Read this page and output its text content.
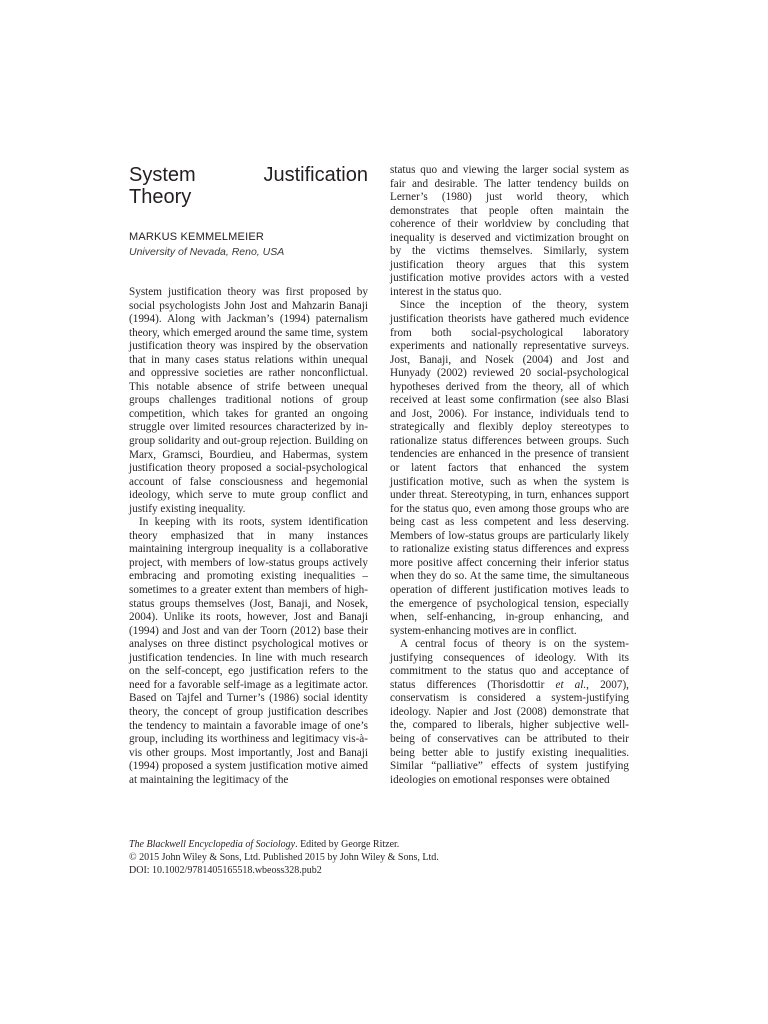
System Justification Theory
MARKUS KEMMELMEIER
University of Nevada, Reno, USA

System justification theory was first proposed by social psychologists John Jost and Mahzarin Banaji (1994). Along with Jackman’s (1994) paternalism theory, which emerged around the same time, system justification theory was inspired by the observation that in many cases status relations within unequal and oppressive societies are rather nonconflictual. This notable absence of strife between unequal groups challenges traditional notions of group competition, which takes for granted an ongoing struggle over limited resources characterized by in-group solidarity and out-group rejection. Building on Marx, Gramsci, Bourdieu, and Habermas, system justification theory proposed a social-psychological account of false consciousness and hegemonial ideology, which serve to mute group conflict and justify existing inequality.

In keeping with its roots, system identification theory emphasized that in many instances maintaining intergroup inequality is a collaborative project, with members of low-status groups actively embracing and promoting existing inequalities – sometimes to a greater extent than members of high-status groups themselves (Jost, Banaji, and Nosek, 2004). Unlike its roots, however, Jost and Banaji (1994) and Jost and van der Toorn (2012) base their analyses on three distinct psychological motives or justification tendencies. In line with much research on the self-concept, ego justification refers to the need for a favorable self-image as a legitimate actor. Based on Tajfel and Turner’s (1986) social identity theory, the concept of group justification describes the tendency to maintain a favorable image of one’s group, including its worthiness and legitimacy vis-à-vis other groups. Most importantly, Jost and Banaji (1994) proposed a system justification motive aimed at maintaining the legitimacy of the

status quo and viewing the larger social system as fair and desirable. The latter tendency builds on Lerner’s (1980) just world theory, which demonstrates that people often maintain the coherence of their worldview by concluding that inequality is deserved and victimization brought on by the victims themselves. Similarly, system justification theory argues that this system justification motive provides actors with a vested interest in the status quo.

Since the inception of the theory, system justification theorists have gathered much evidence from both social-psychological laboratory experiments and nationally representative surveys. Jost, Banaji, and Nosek (2004) and Jost and Hunyady (2002) reviewed 20 social-psychological hypotheses derived from the theory, all of which received at least some confirmation (see also Blasi and Jost, 2006). For instance, individuals tend to strategically and flexibly deploy stereotypes to rationalize status differences between groups. Such tendencies are enhanced in the presence of transient or latent factors that enhanced the system justification motive, such as when the system is under threat. Stereotyping, in turn, enhances support for the status quo, even among those groups who are being cast as less competent and less deserving. Members of low-status groups are particularly likely to rationalize existing status differences and express more positive affect concerning their inferior status when they do so. At the same time, the simultaneous operation of different justification motives leads to the emergence of psychological tension, especially when, self-enhancing, in-group enhancing, and system-enhancing motives are in conflict.

A central focus of theory is on the system-justifying consequences of ideology. With its commitment to the status quo and acceptance of status differences (Thorisdottir et al., 2007), conservatism is considered a system-justifying ideology. Napier and Jost (2008) demonstrate that the, compared to liberals, higher subjective well-being of conservatives can be attributed to their being better able to justify existing inequalities. Similar “palliative” effects of system justifying ideologies on emotional responses were obtained

The Blackwell Encyclopedia of Sociology. Edited by George Ritzer.
© 2015 John Wiley & Sons, Ltd. Published 2015 by John Wiley & Sons, Ltd.
DOI: 10.1002/9781405165518.wbeoss328.pub2
